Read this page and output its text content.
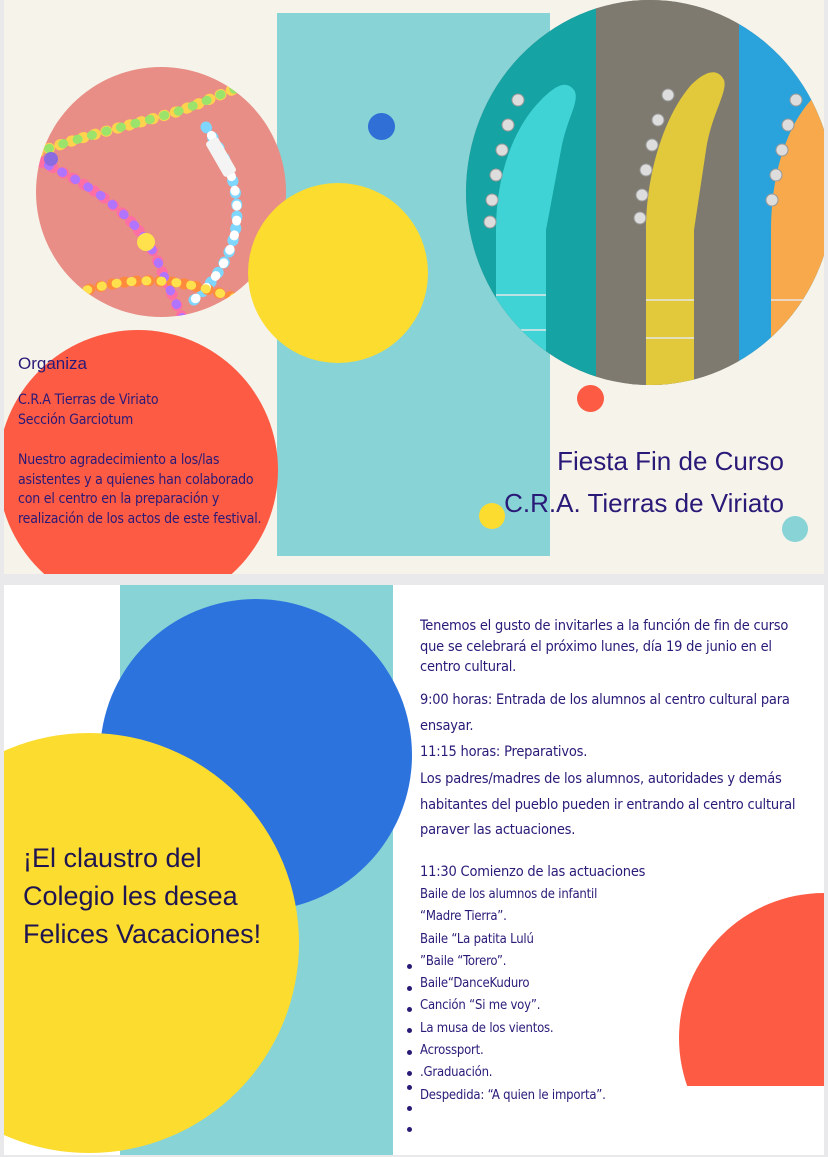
Organiza
C.R.A Tierras de Viriato
Sección Garciotum
Nuestro agradecimiento a los/las asistentes y a quienes han colaborado con el centro en la preparación y realización de los actos de este festival.
Fiesta Fin de Curso
C.R.A. Tierras de Viriato
¡El claustro del Colegio les desea Felices Vacaciones!
Tenemos el gusto de invitarles a la función de fin de curso que se celebrará el próximo lunes, día 19 de junio en el centro cultural.
9:00 horas: Entrada de los alumnos al centro cultural para ensayar.
11:15 horas: Preparativos.
Los padres/madres de los alumnos, autoridades y demás habitantes del pueblo pueden ir entrando al centro cultural paraver las actuaciones.
11:30 Comienzo de las actuaciones
Baile de los alumnos de infantil
“Madre Tierra”.
Baile “La patita Lulú
”Baile “Torero”.
Baile“DanceKuduro
Canción “Si me voy”.
La musa de los vientos.
Acrossport.
.Graduación.
Despedida: “A quien le importa”.
